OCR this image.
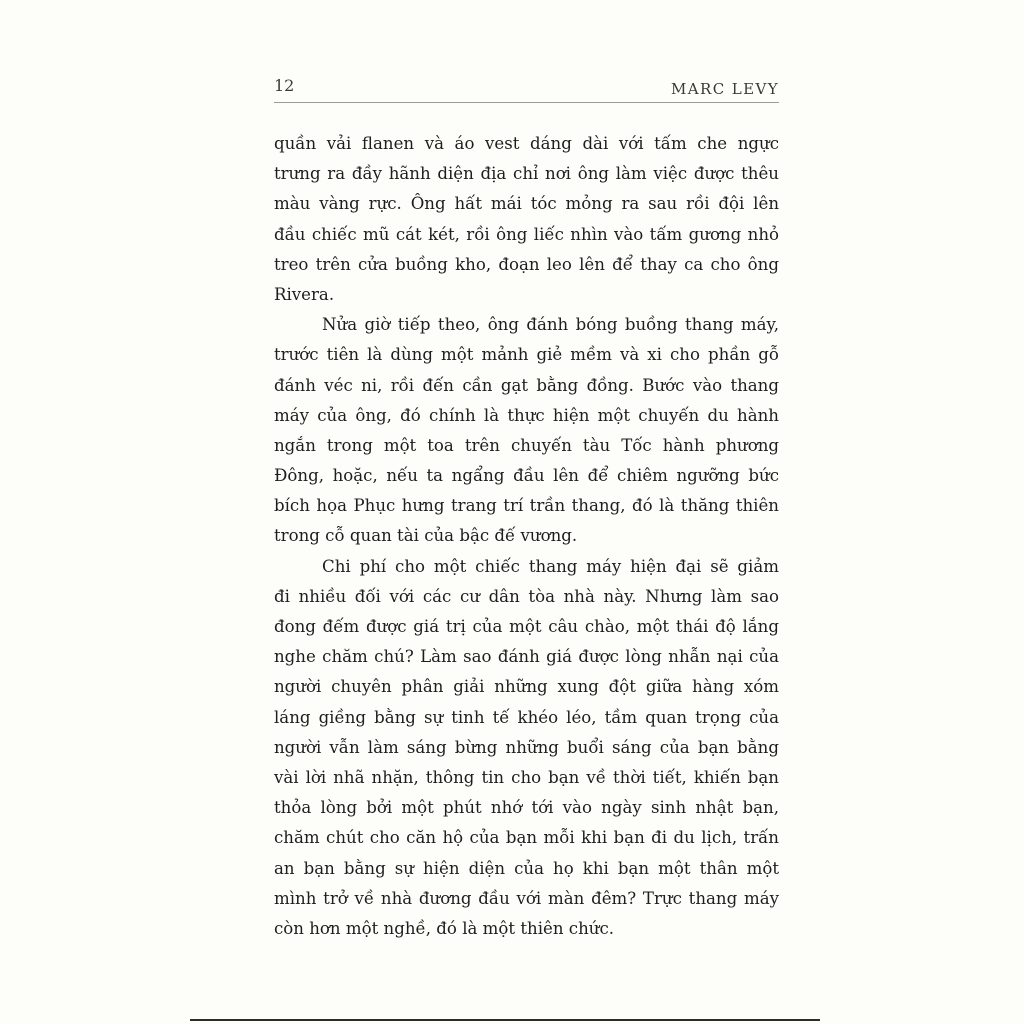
12	MARC LEVY
quần vải flanen và áo vest dáng dài với tấm che ngực
trưng ra đầy hãnh diện địa chỉ nơi ông làm việc được thêu
màu vàng rực. Ông hất mái tóc mỏng ra sau rồi đội lên
đầu chiếc mũ cát két, rồi ông liếc nhìn vào tấm gương nhỏ
treo trên cửa buồng kho, đoạn leo lên để thay ca cho ông
Rivera.
Nửa giờ tiếp theo, ông đánh bóng buồng thang máy,
trước tiên là dùng một mảnh giẻ mềm và xi cho phần gỗ
đánh véc ni, rồi đến cần gạt bằng đồng. Bước vào thang
máy của ông, đó chính là thực hiện một chuyến du hành
ngắn trong một toa trên chuyến tàu Tốc hành phương
Đông, hoặc, nếu ta ngẩng đầu lên để chiêm ngưỡng bức
bích họa Phục hưng trang trí trần thang, đó là thăng thiên
trong cỗ quan tài của bậc đế vương.
Chi phí cho một chiếc thang máy hiện đại sẽ giảm
đi nhiều đối với các cư dân tòa nhà này. Nhưng làm sao
đong đếm được giá trị của một câu chào, một thái độ lắng
nghe chăm chú? Làm sao đánh giá được lòng nhẫn nại của
người chuyên phân giải những xung đột giữa hàng xóm
láng giềng bằng sự tinh tế khéo léo, tầm quan trọng của
người vẫn làm sáng bừng những buổi sáng của bạn bằng
vài lời nhã nhặn, thông tin cho bạn về thời tiết, khiến bạn
thỏa lòng bởi một phút nhớ tới vào ngày sinh nhật bạn,
chăm chút cho căn hộ của bạn mỗi khi bạn đi du lịch, trấn
an bạn bằng sự hiện diện của họ khi bạn một thân một
mình trở về nhà đương đầu với màn đêm? Trực thang máy
còn hơn một nghề, đó là một thiên chức.
